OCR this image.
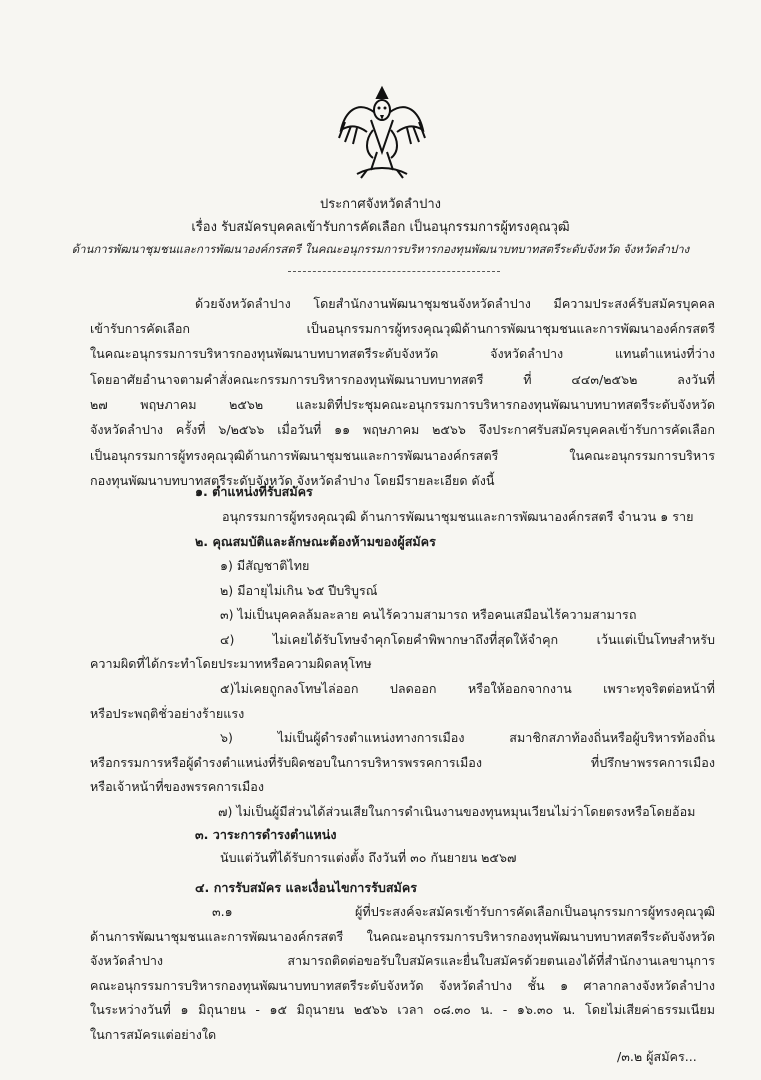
ประกาศจังหวัดลำปาง

เรื่อง รับสมัครบุคคลเข้ารับการคัดเลือก เป็นอนุกรรมการผู้ทรงคุณวุฒิ

ด้านการพัฒนาชุมชนและการพัฒนาองค์กรสตรี ในคณะอนุกรรมการบริหารกองทุนพัฒนาบทบาทสตรีระดับจังหวัด จังหวัดลำปาง

ด้วยจังหวัดลำปาง โดยสำนักงานพัฒนาชุมชนจังหวัดลำปาง มีความประสงค์รับสมัครบุคคล

เข้ารับการคัดเลือก เป็นอนุกรรมการผู้ทรงคุณวุฒิด้านการพัฒนาชุมชนและการพัฒนาองค์กรสตรี

ในคณะอนุกรรมการบริหารกองทุนพัฒนาบทบาทสตรีระดับจังหวัด จังหวัดลำปาง แทนตำแหน่งที่ว่าง

โดยอาศัยอำนาจตามคำสั่งคณะกรรมการบริหารกองทุนพัฒนาบทบาทสตรี ที่ ๔๔๓/๒๕๖๒ ลงวันที่

๒๗ พฤษภาคม ๒๕๖๒ และมติที่ประชุมคณะอนุกรรมการบริหารกองทุนพัฒนาบทบาทสตรีระดับจังหวัด

จังหวัดลำปาง ครั้งที่ ๖/๒๕๖๖ เมื่อวันที่ ๑๑ พฤษภาคม ๒๕๖๖ จึงประกาศรับสมัครบุคคลเข้ารับการคัดเลือก

เป็นอนุกรรมการผู้ทรงคุณวุฒิด้านการพัฒนาชุมชนและการพัฒนาองค์กรสตรี ในคณะอนุกรรมการบริหาร

กองทุนพัฒนาบทบาทสตรีระดับจังหวัด จังหวัดลำปาง โดยมีรายละเอียด ดังนี้

๑. ตำแหน่งที่รับสมัคร

อนุกรรมการผู้ทรงคุณวุฒิ ด้านการพัฒนาชุมชนและการพัฒนาองค์กรสตรี จำนวน ๑ ราย

๒. คุณสมบัติและลักษณะต้องห้ามของผู้สมัคร

๑) มีสัญชาติไทย

๒) มีอายุไม่เกิน ๖๕ ปีบริบูรณ์

๓) ไม่เป็นบุคคลล้มละลาย คนไร้ความสามารถ หรือคนเสมือนไร้ความสามารถ

๔) ไม่เคยได้รับโทษจำคุกโดยคำพิพากษาถึงที่สุดให้จำคุก เว้นแต่เป็นโทษสำหรับ

ความผิดที่ได้กระทำโดยประมาทหรือความผิดลหุโทษ

๕)ไม่เคยถูกลงโทษไล่ออก ปลดออก หรือให้ออกจากงาน เพราะทุจริตต่อหน้าที่

หรือประพฤติชั่วอย่างร้ายแรง

๖) ไม่เป็นผู้ดำรงตำแหน่งทางการเมือง สมาชิกสภาท้องถิ่นหรือผู้บริหารท้องถิ่น

หรือกรรมการหรือผู้ดำรงตำแหน่งที่รับผิดชอบในการบริหารพรรคการเมือง ที่ปรึกษาพรรคการเมือง

หรือเจ้าหน้าที่ของพรรคการเมือง

๗) ไม่เป็นผู้มีส่วนได้ส่วนเสียในการดำเนินงานของทุนหมุนเวียนไม่ว่าโดยตรงหรือโดยอ้อม

๓. วาระการดำรงตำแหน่ง

นับแต่วันที่ได้รับการแต่งตั้ง ถึงวันที่ ๓๐ กันยายน ๒๕๖๗

๔. การรับสมัคร และเงื่อนไขการรับสมัคร

๓.๑ ผู้ที่ประสงค์จะสมัครเข้ารับการคัดเลือกเป็นอนุกรรมการผู้ทรงคุณวุฒิ

ด้านการพัฒนาชุมชนและการพัฒนาองค์กรสตรี ในคณะอนุกรรมการบริหารกองทุนพัฒนาบทบาทสตรีระดับจังหวัด

จังหวัดลำปาง สามารถติดต่อขอรับใบสมัครและยื่นใบสมัครด้วยตนเองได้ที่สำนักงานเลขานุการ

คณะอนุกรรมการบริหารกองทุนพัฒนาบทบาทสตรีระดับจังหวัด จังหวัดลำปาง ชั้น ๑ ศาลากลางจังหวัดลำปาง

ในระหว่างวันที่ ๑ มิถุนายน - ๑๕ มิถุนายน ๒๕๖๖ เวลา ๐๘.๓๐ น. - ๑๖.๓๐ น. โดยไม่เสียค่าธรรมเนียม

ในการสมัครแต่อย่างใด

/๓.๒ ผู้สมัคร...
